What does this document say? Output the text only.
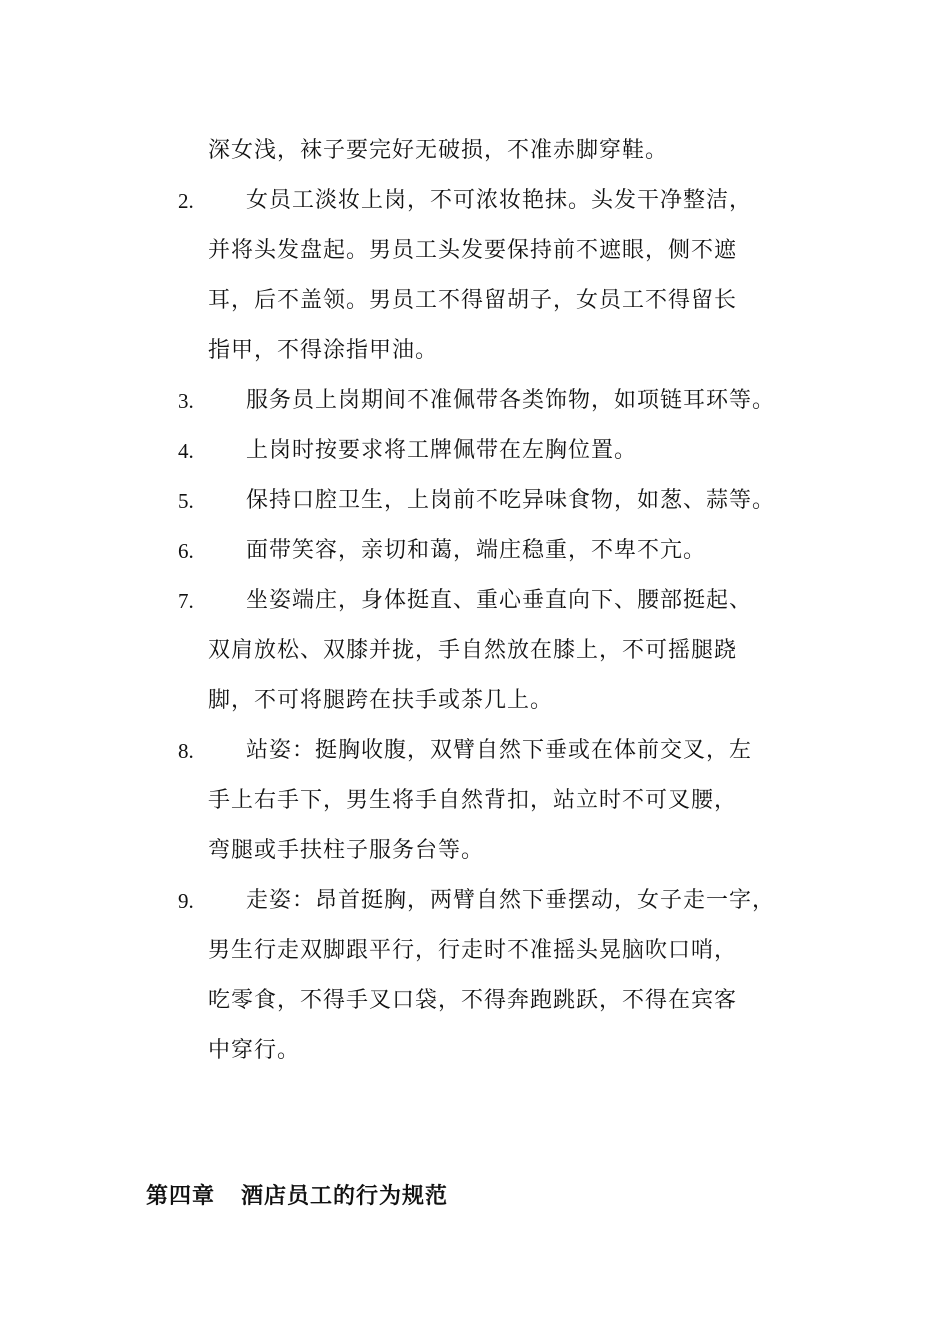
深女浅，袜子要完好无破损，不准赤脚穿鞋。
2. 女员工淡妆上岗，不可浓妆艳抹。头发干净整洁，
并将头发盘起。男员工头发要保持前不遮眼，侧不遮
耳，后不盖领。男员工不得留胡子，女员工不得留长
指甲，不得涂指甲油。
3. 服务员上岗期间不准佩带各类饰物，如项链耳环等。
4. 上岗时按要求将工牌佩带在左胸位置。
5. 保持口腔卫生，上岗前不吃异味食物，如葱、蒜等。
6. 面带笑容，亲切和蔼，端庄稳重，不卑不亢。
7. 坐姿端庄，身体挺直、重心垂直向下、腰部挺起、
双肩放松、双膝并拢，手自然放在膝上，不可摇腿跷
脚，不可将腿跨在扶手或茶几上。
8. 站姿：挺胸收腹，双臂自然下垂或在体前交叉，左
手上右手下，男生将手自然背扣，站立时不可叉腰，
弯腿或手扶柱子服务台等。
9. 走姿：昂首挺胸，两臂自然下垂摆动，女子走一字，
男生行走双脚跟平行，行走时不准摇头晃脑吹口哨，
吃零食，不得手叉口袋，不得奔跑跳跃，不得在宾客
中穿行。
第四章 酒店员工的行为规范
